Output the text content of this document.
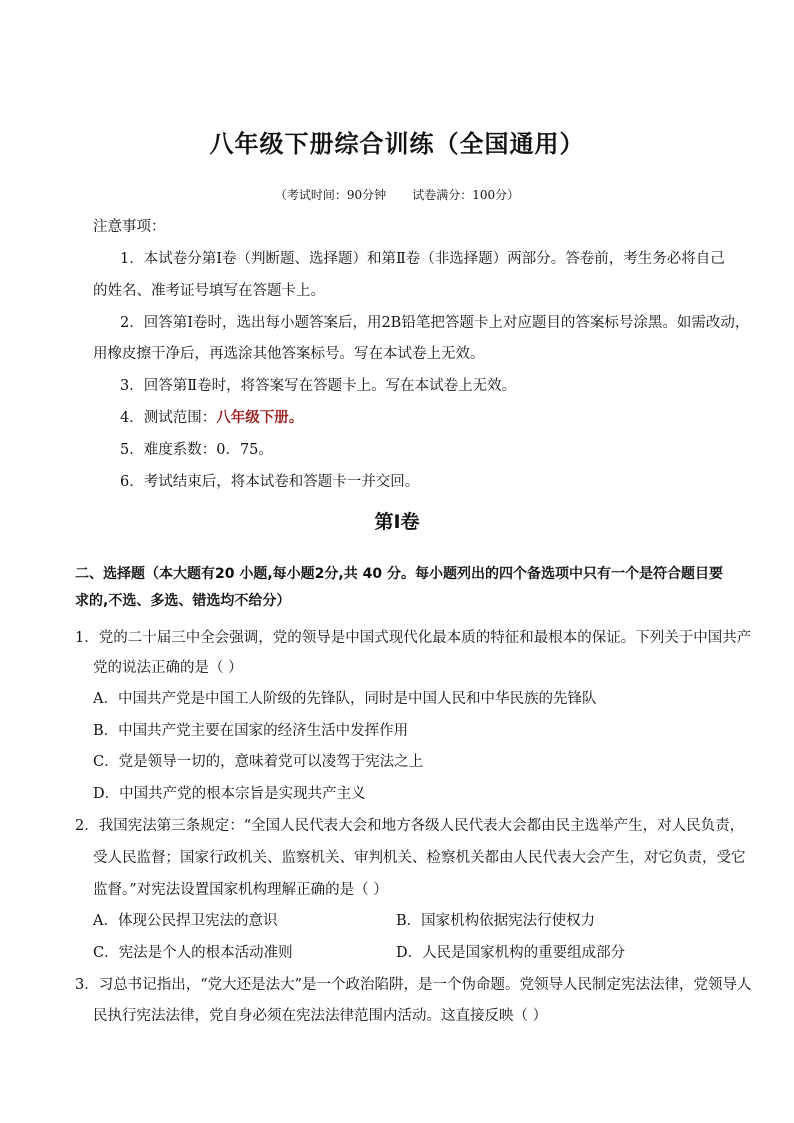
八年级下册综合训练（全国通用）
（考试时间：90分钟 试卷满分：100分）
注意事项：
1．本试卷分第Ⅰ卷（判断题、选择题）和第Ⅱ卷（非选择题）两部分。答卷前，考生务必将自己
的姓名、准考证号填写在答题卡上。
2．回答第Ⅰ卷时，选出每小题答案后，用2B铅笔把答题卡上对应题目的答案标号涂黑。如需改动，
用橡皮擦干净后，再选涂其他答案标号。写在本试卷上无效。
3．回答第Ⅱ卷时，将答案写在答题卡上。写在本试卷上无效。
4．测试范围：八年级下册。
5．难度系数：0．75。
6．考试结束后，将本试卷和答题卡一并交回。
第Ⅰ卷
二、选择题（本大题有20 小题,每小题2分,共 40 分。每小题列出的四个备选项中只有一个是符合题目要
求的,不选、多选、错选均不给分）
1．党的二十届三中全会强调，党的领导是中国式现代化最本质的特征和最根本的保证。下列关于中国共产
党的说法正确的是（ ）
A．中国共产党是中国工人阶级的先锋队，同时是中国人民和中华民族的先锋队
B．中国共产党主要在国家的经济生活中发挥作用
C．党是领导一切的，意味着党可以凌驾于宪法之上
D．中国共产党的根本宗旨是实现共产主义
2．我国宪法第三条规定：“全国人民代表大会和地方各级人民代表大会都由民主选举产生，对人民负责，
受人民监督；国家行政机关、监察机关、审判机关、检察机关都由人民代表大会产生，对它负责，受它
监督。”对宪法设置国家机构理解正确的是（ ）
A．体现公民捍卫宪法的意识	B．国家机构依据宪法行使权力
C．宪法是个人的根本活动准则	D．人民是国家机构的重要组成部分
3．习总书记指出，“党大还是法大”是一个政治陷阱，是一个伪命题。党领导人民制定宪法法律，党领导人
民执行宪法法律，党自身必须在宪法法律范围内活动。这直接反映（ ）
